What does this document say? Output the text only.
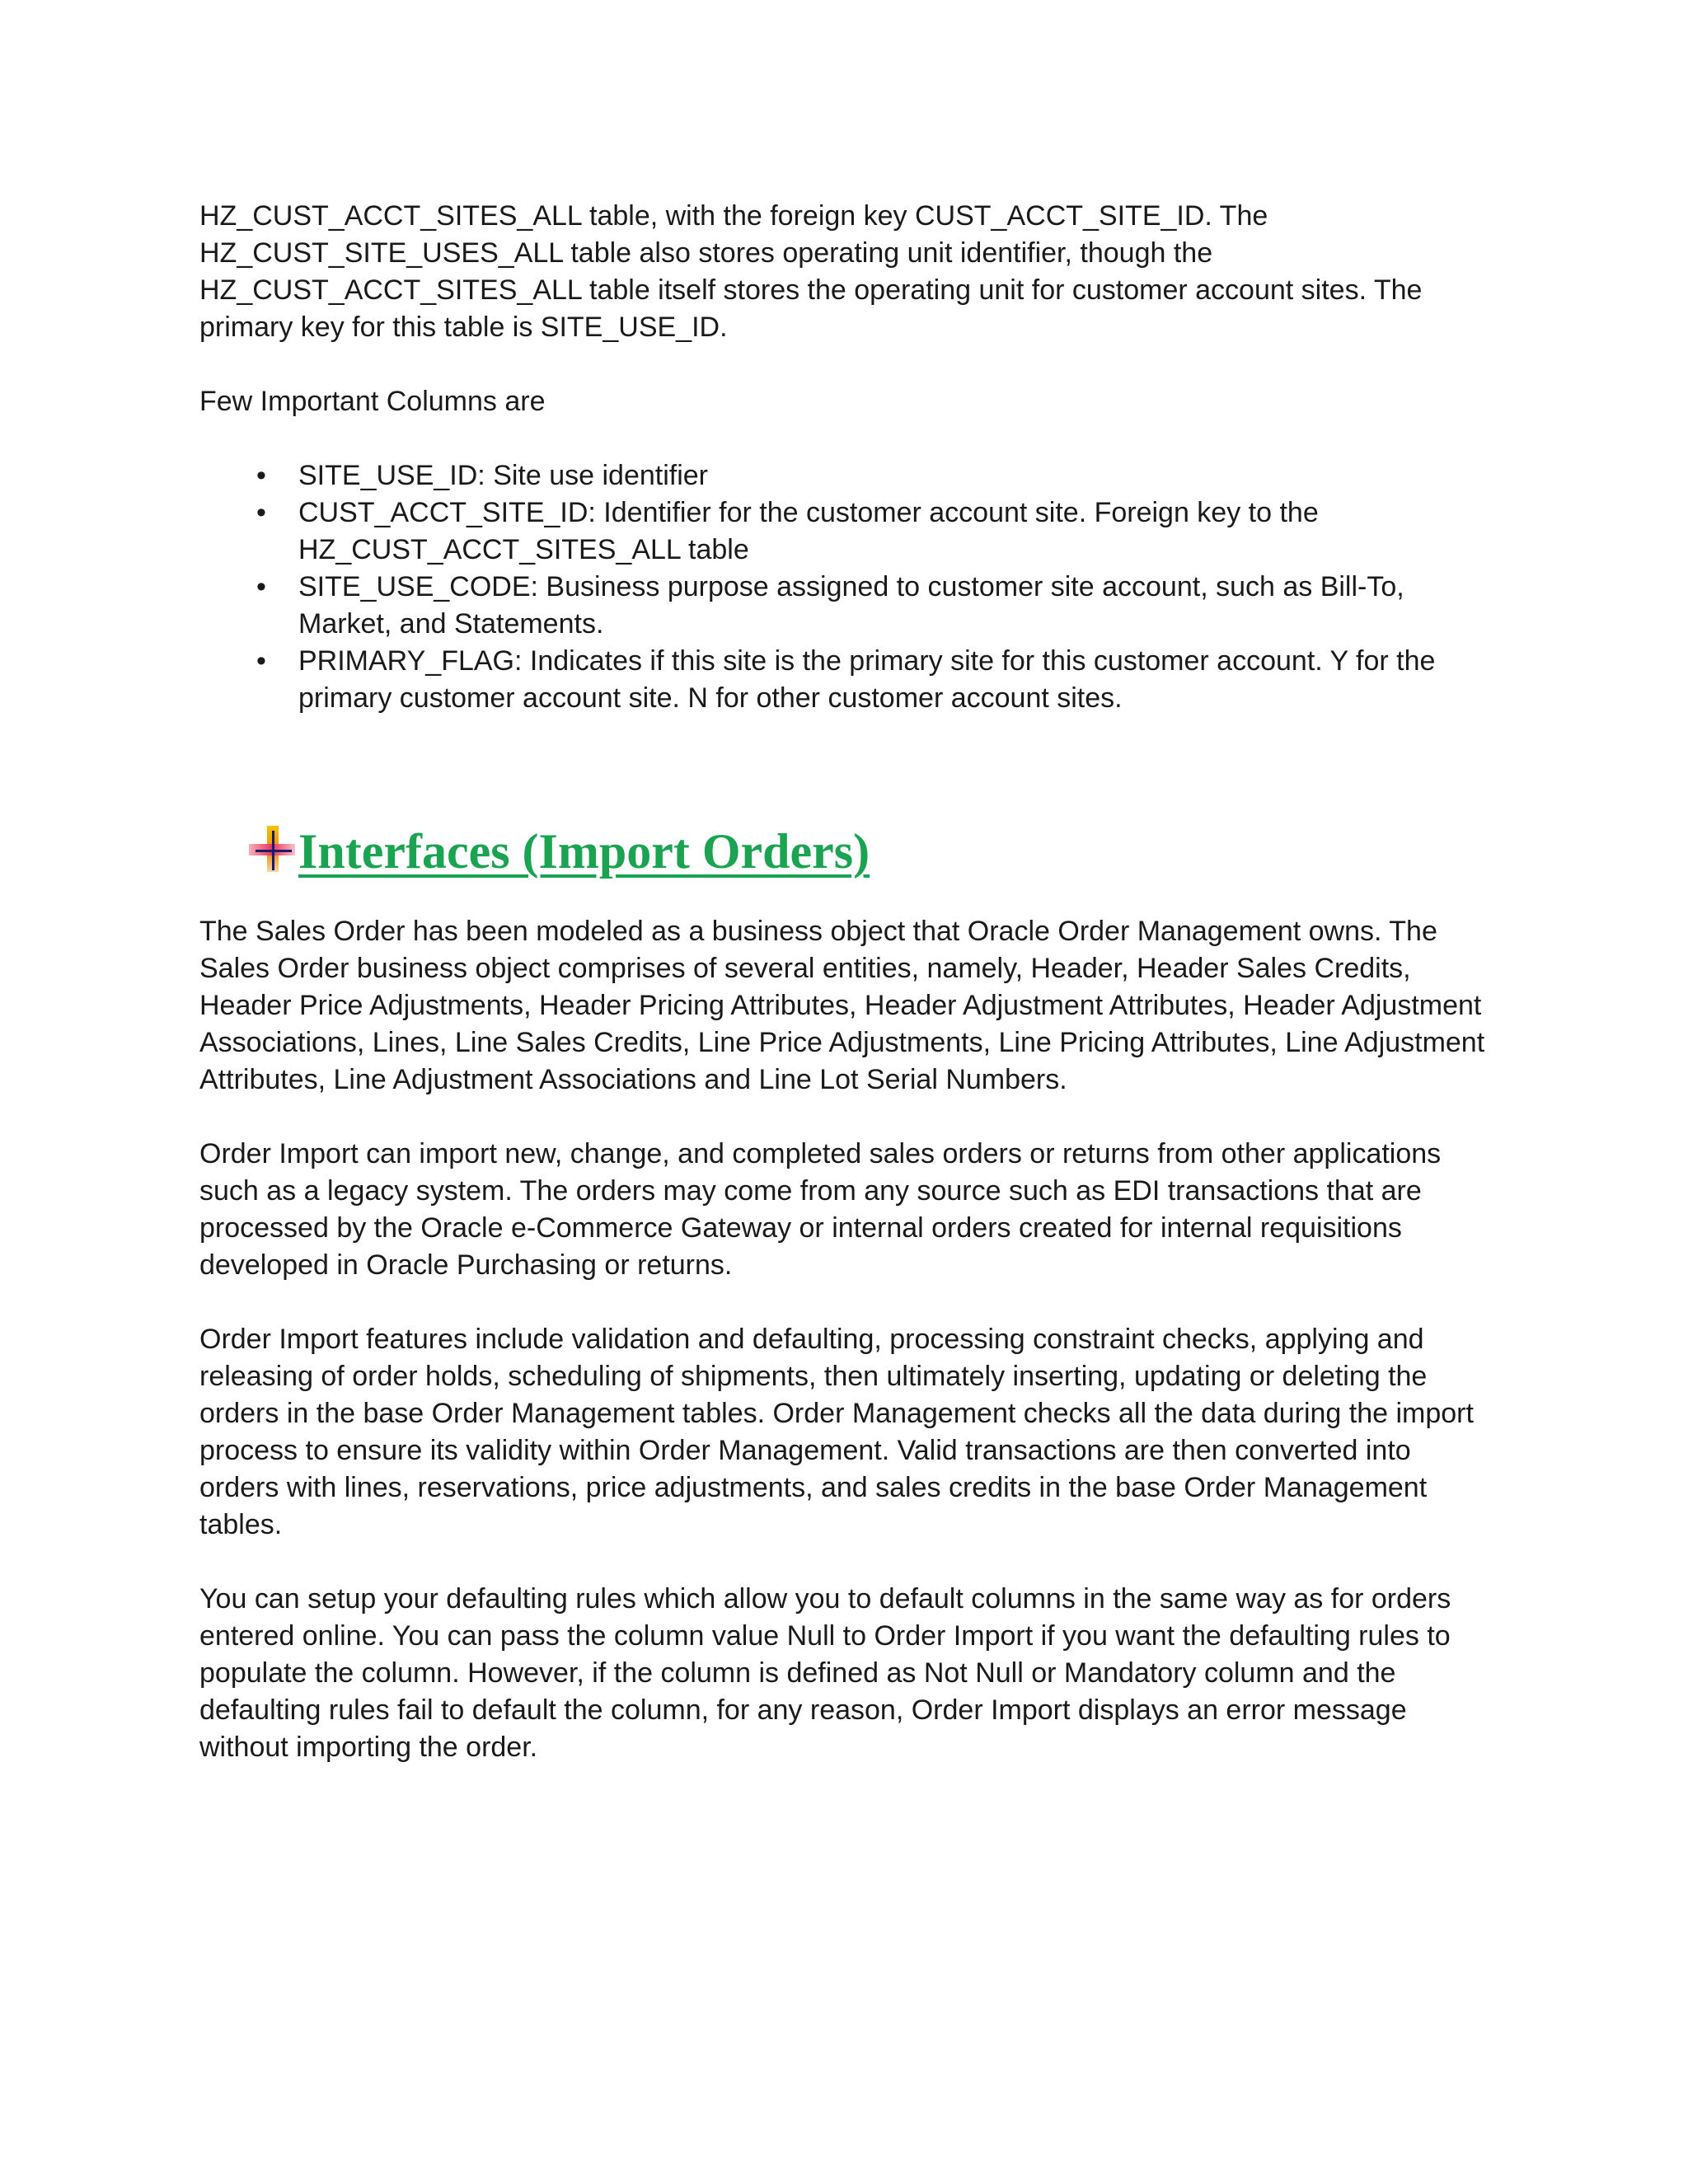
HZ_CUST_ACCT_SITES_ALL table, with the foreign key CUST_ACCT_SITE_ID. The HZ_CUST_SITE_USES_ALL table also stores operating unit identifier, though the HZ_CUST_ACCT_SITES_ALL table itself stores the operating unit for customer account sites. The primary key for this table is SITE_USE_ID.

Few Important Columns are

• SITE_USE_ID: Site use identifier
• CUST_ACCT_SITE_ID: Identifier for the customer account site. Foreign key to the HZ_CUST_ACCT_SITES_ALL table
• SITE_USE_CODE: Business purpose assigned to customer site account, such as Bill-To, Market, and Statements.
• PRIMARY_FLAG: Indicates if this site is the primary site for this customer account. Y for the primary customer account site. N for other customer account sites.
Interfaces (Import Orders)

The Sales Order has been modeled as a business object that Oracle Order Management owns. The Sales Order business object comprises of several entities, namely, Header, Header Sales Credits, Header Price Adjustments, Header Pricing Attributes, Header Adjustment Attributes, Header Adjustment Associations, Lines, Line Sales Credits, Line Price Adjustments, Line Pricing Attributes, Line Adjustment Attributes, Line Adjustment Associations and Line Lot Serial Numbers.

Order Import can import new, change, and completed sales orders or returns from other applications such as a legacy system. The orders may come from any source such as EDI transactions that are processed by the Oracle e-Commerce Gateway or internal orders created for internal requisitions developed in Oracle Purchasing or returns.

Order Import features include validation and defaulting, processing constraint checks, applying and releasing of order holds, scheduling of shipments, then ultimately inserting, updating or deleting the orders in the base Order Management tables. Order Management checks all the data during the import process to ensure its validity within Order Management. Valid transactions are then converted into orders with lines, reservations, price adjustments, and sales credits in the base Order Management tables.

You can setup your defaulting rules which allow you to default columns in the same way as for orders entered online. You can pass the column value Null to Order Import if you want the defaulting rules to populate the column. However, if the column is defined as Not Null or Mandatory column and the defaulting rules fail to default the column, for any reason, Order Import displays an error message without importing the order.
